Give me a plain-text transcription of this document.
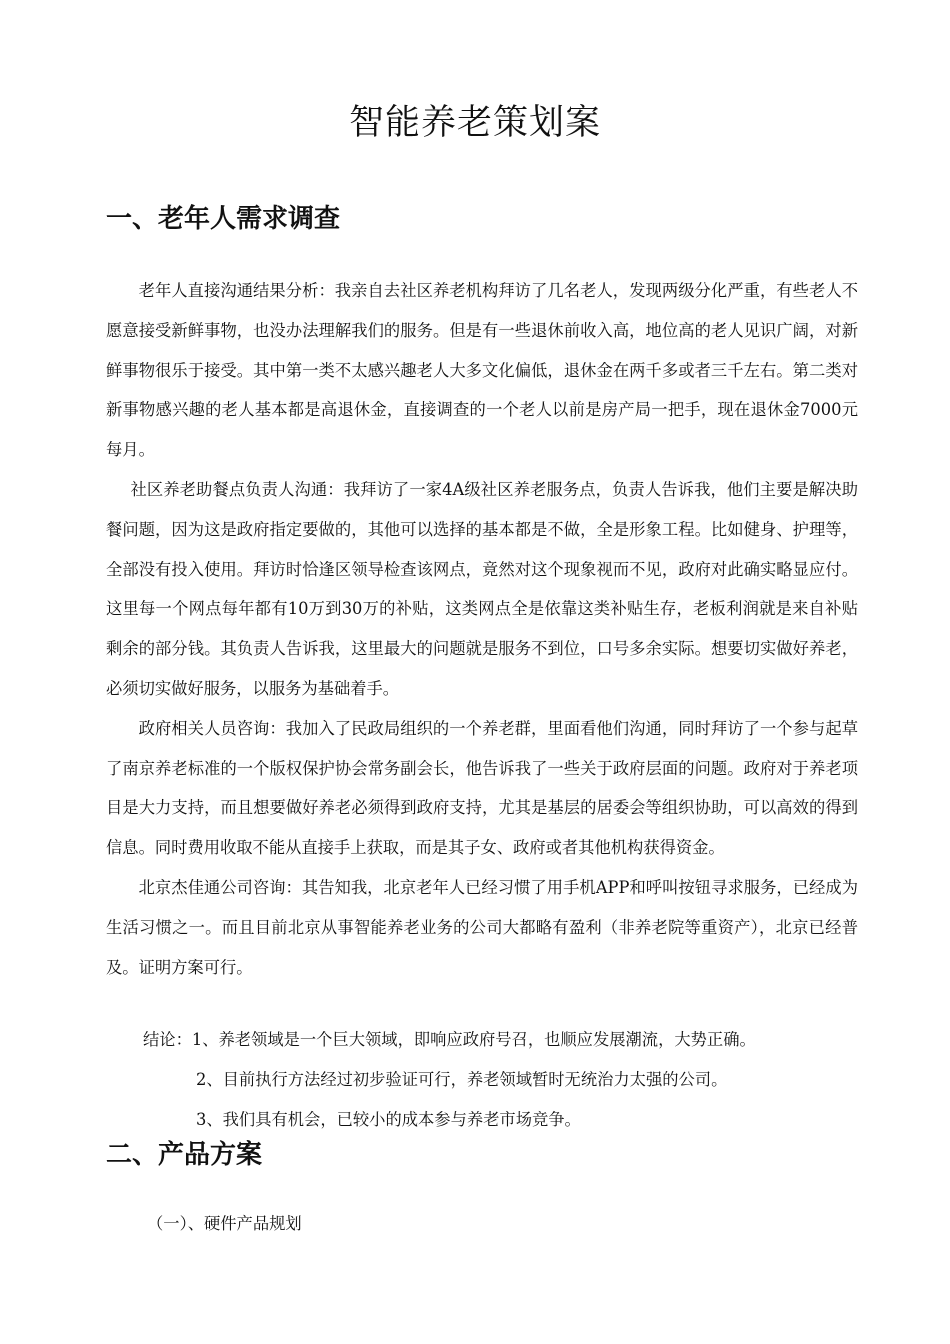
智能养老策划案
一、老年人需求调查

老年人直接沟通结果分析：我亲自去社区养老机构拜访了几名老人，发现两级分化严重，有些老人不愿意接受新鲜事物，也没办法理解我们的服务。但是有一些退休前收入高，地位高的老人见识广阔，对新鲜事物很乐于接受。其中第一类不太感兴趣老人大多文化偏低，退休金在两千多或者三千左右。第二类对新事物感兴趣的老人基本都是高退休金，直接调查的一个老人以前是房产局一把手，现在退休金7000元每月。

社区养老助餐点负责人沟通：我拜访了一家4A级社区养老服务点，负责人告诉我，他们主要是解决助餐问题，因为这是政府指定要做的，其他可以选择的基本都是不做，全是形象工程。比如健身、护理等，全部没有投入使用。拜访时恰逢区领导检查该网点，竟然对这个现象视而不见，政府对此确实略显应付。这里每一个网点每年都有10万到30万的补贴，这类网点全是依靠这类补贴生存，老板利润就是来自补贴剩余的部分钱。其负责人告诉我，这里最大的问题就是服务不到位，口号多余实际。想要切实做好养老，必须切实做好服务，以服务为基础着手。

政府相关人员咨询：我加入了民政局组织的一个养老群，里面看他们沟通，同时拜访了一个参与起草了南京养老标准的一个版权保护协会常务副会长，他告诉我了一些关于政府层面的问题。政府对于养老项目是大力支持，而且想要做好养老必须得到政府支持，尤其是基层的居委会等组织协助，可以高效的得到信息。同时费用收取不能从直接手上获取，而是其子女、政府或者其他机构获得资金。

北京杰佳通公司咨询：其告知我，北京老年人已经习惯了用手机APP和呼叫按钮寻求服务，已经成为生活习惯之一。而且目前北京从事智能养老业务的公司大都略有盈利（非养老院等重资产），北京已经普及。证明方案可行。

结论：1、养老领域是一个巨大领域，即响应政府号召，也顺应发展潮流，大势正确。
2、目前执行方法经过初步验证可行，养老领域暂时无统治力太强的公司。
3、我们具有机会，已较小的成本参与养老市场竞争。
二、产品方案
（一）、硬件产品规划
